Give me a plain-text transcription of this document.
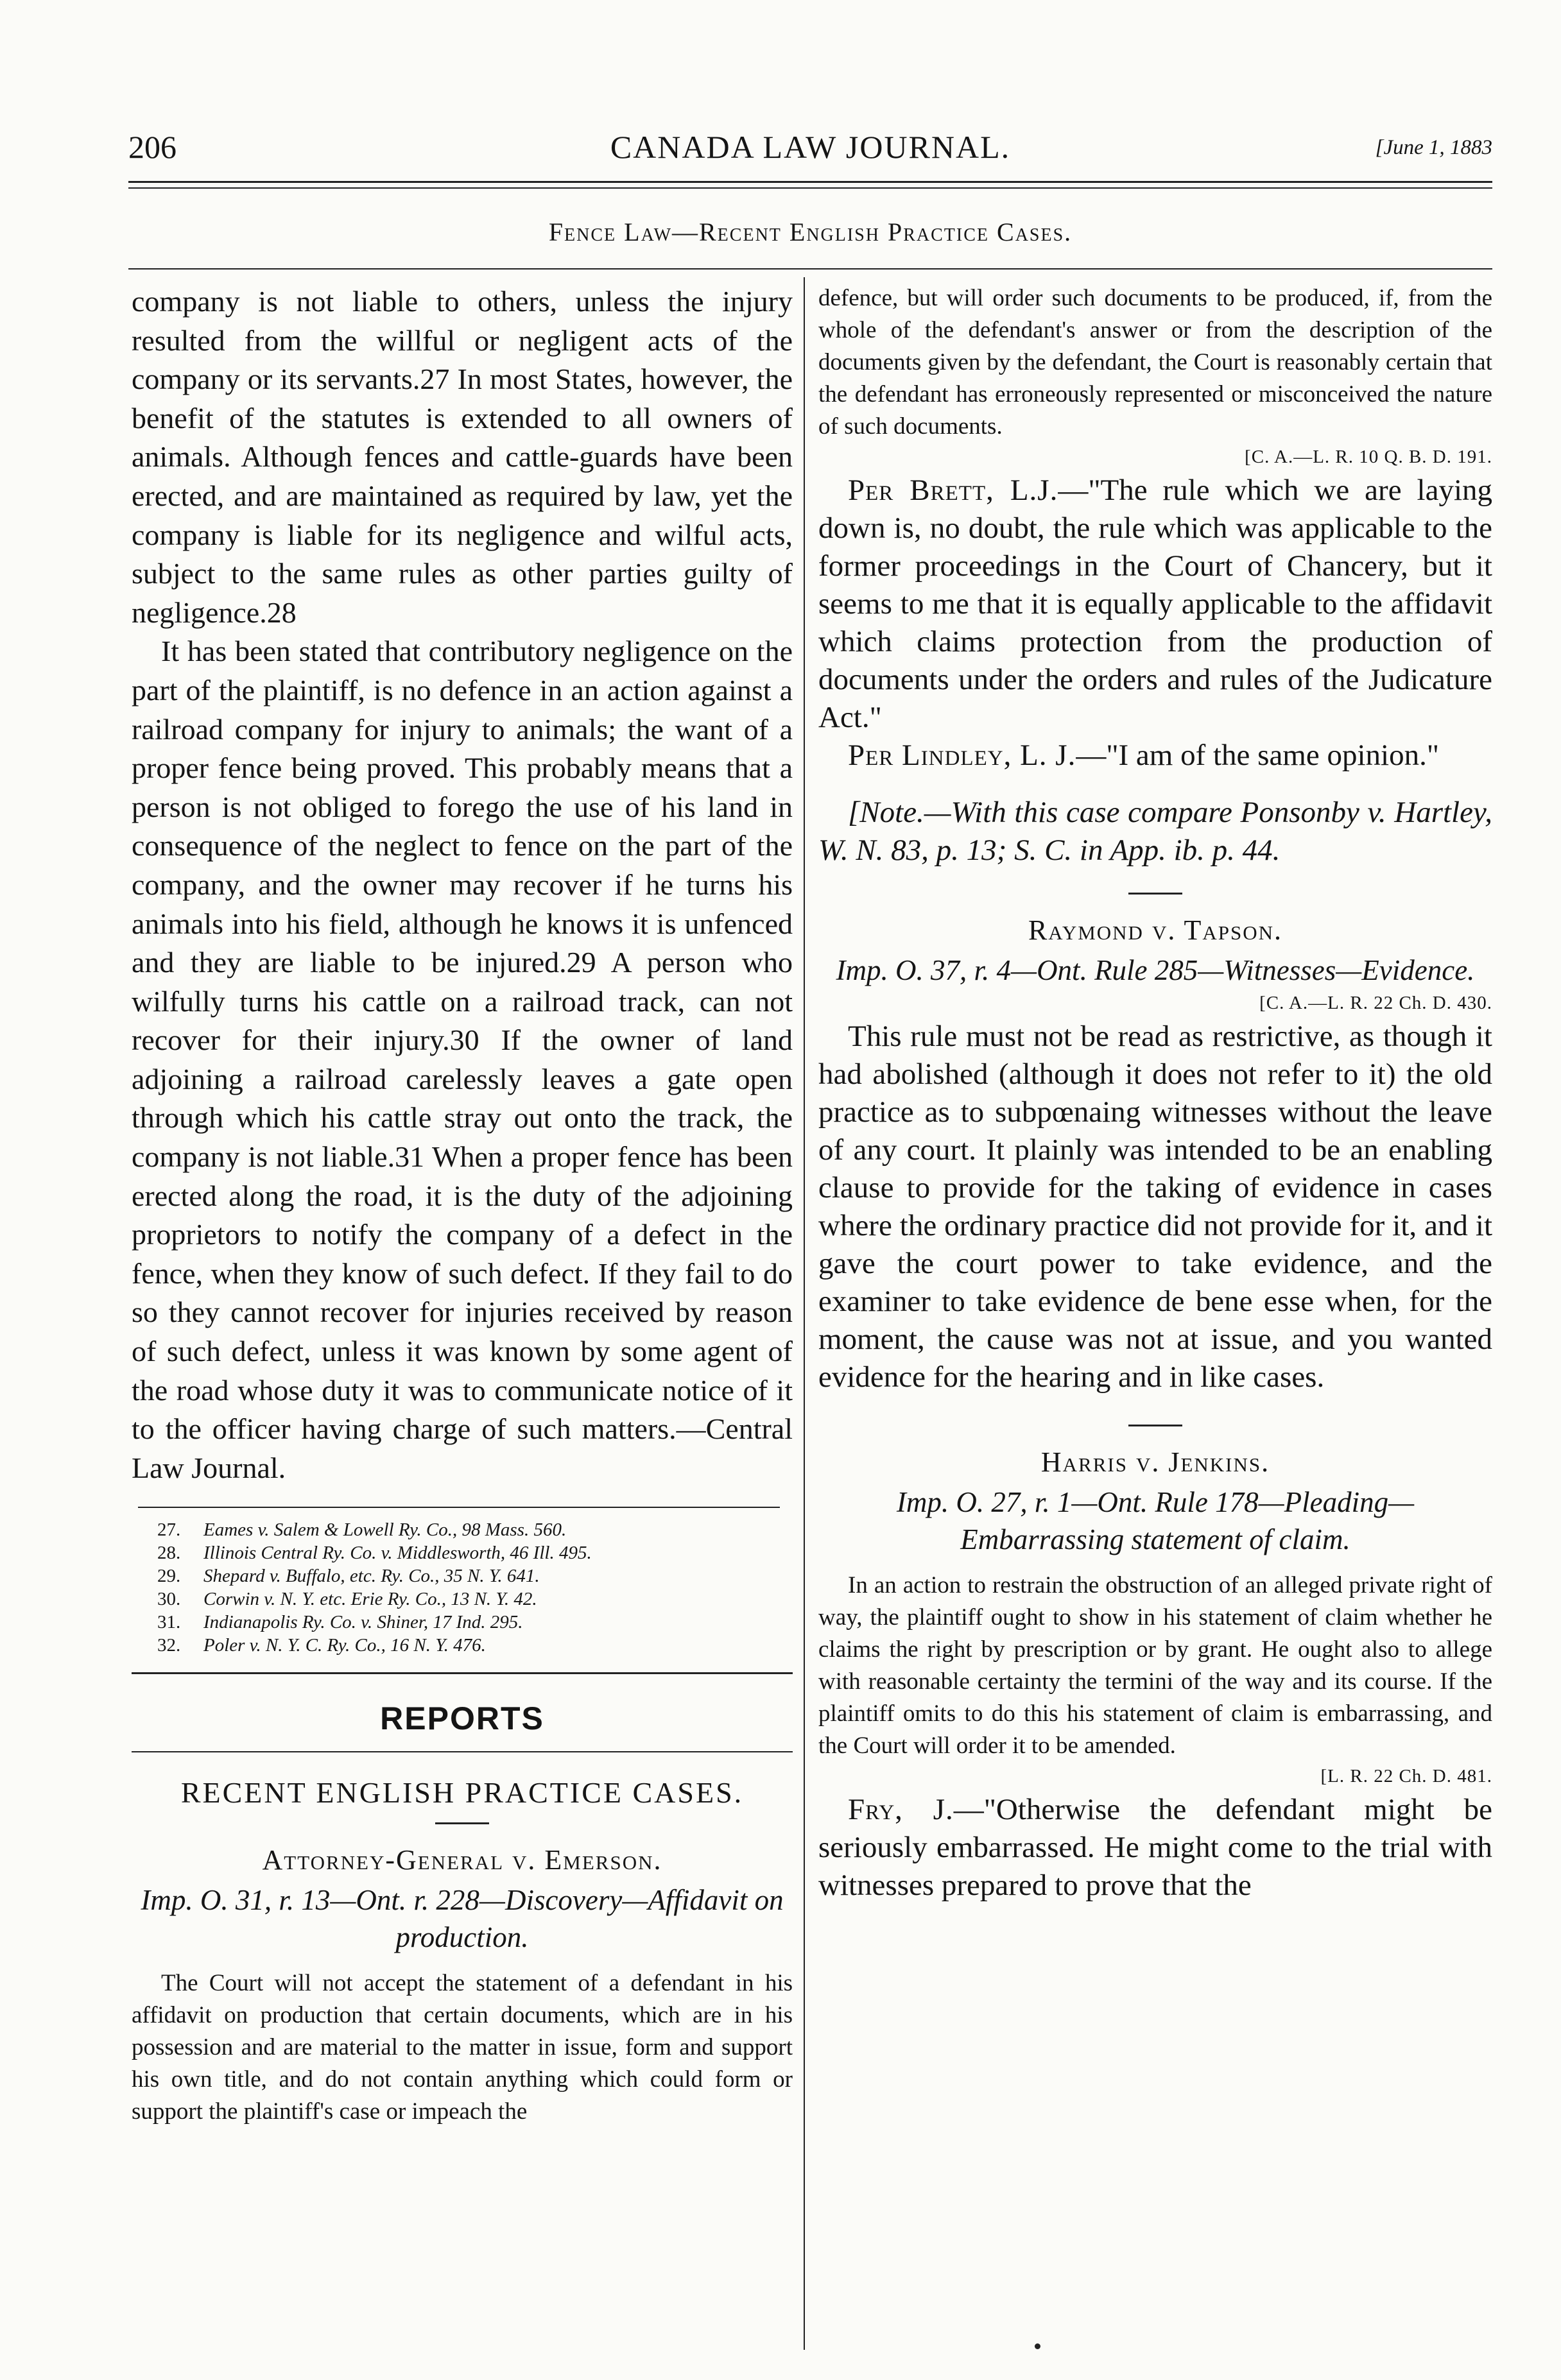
206	CANADA LAW JOURNAL.	[June 1, 1883
Fence Law—Recent English Practice Cases.

company is not liable to others, unless the injury resulted from the willful or negligent acts of the company or its servants.27 In most States, however, the benefit of the statutes is extended to all owners of animals. Although fences and cattle-guards have been erected, and are maintained as required by law, yet the company is liable for its negligence and wilful acts, subject to the same rules as other parties guilty of negligence.28

It has been stated that contributory negligence on the part of the plaintiff, is no defence in an action against a railroad company for injury to animals; the want of a proper fence being proved. This probably means that a person is not obliged to forego the use of his land in consequence of the neglect to fence on the part of the company, and the owner may recover if he turns his animals into his field, although he knows it is unfenced and they are liable to be injured.29 A person who wilfully turns his cattle on a railroad track, can not recover for their injury.30 If the owner of land adjoining a railroad carelessly leaves a gate open through which his cattle stray out onto the track, the company is not liable.31 When a proper fence has been erected along the road, it is the duty of the adjoining proprietors to notify the company of a defect in the fence, when they know of such defect. If they fail to do so they cannot recover for injuries received by reason of such defect, unless it was known by some agent of the road whose duty it was to communicate notice of it to the officer having charge of such matters.—Central Law Journal.

27.	Eames v. Salem & Lowell Ry. Co., 98 Mass. 560.
28.	Illinois Central Ry. Co. v. Middlesworth, 46 Ill. 495.
29.	Shepard v. Buffalo, etc. Ry. Co., 35 N. Y. 641.
30.	Corwin v. N. Y. etc. Erie Ry. Co., 13 N. Y. 42.
31.	Indianapolis Ry. Co. v. Shiner, 17 Ind. 295.
32.	Poler v. N. Y. C. Ry. Co., 16 N. Y. 476.
REPORTS
RECENT ENGLISH PRACTICE CASES.
Attorney-General v. Emerson.
Imp. O. 31, r. 13—Ont. r. 228—Discovery—Affidavit on production.

The Court will not accept the statement of a defendant in his affidavit on production that certain documents, which are in his possession and are material to the matter in issue, form and support his own title, and do not contain anything which could form or support the plaintiff's case or impeach the

defence, but will order such documents to be produced, if, from the whole of the defendant's answer or from the description of the documents given by the defendant, the Court is reasonably certain that the defendant has erroneously represented or misconceived the nature of such documents.

[C. A.—L. R. 10 Q. B. D. 191.

Per Brett, L.J.—"The rule which we are laying down is, no doubt, the rule which was applicable to the former proceedings in the Court of Chancery, but it seems to me that it is equally applicable to the affidavit which claims protection from the production of documents under the orders and rules of the Judicature Act."

Per Lindley, L. J.—"I am of the same opinion."

[Note.—With this case compare Ponsonby v. Hartley, W. N. 83, p. 13; S. C. in App. ib. p. 44.

Raymond v. Tapson.
Imp. O. 37, r. 4—Ont. Rule 285—Witnesses—Evidence.
[C. A.—L. R. 22 Ch. D. 430.

This rule must not be read as restrictive, as though it had abolished (although it does not refer to it) the old practice as to subpœnaing witnesses without the leave of any court. It plainly was intended to be an enabling clause to provide for the taking of evidence in cases where the ordinary practice did not provide for it, and it gave the court power to take evidence, and the examiner to take evidence de bene esse when, for the moment, the cause was not at issue, and you wanted evidence for the hearing and in like cases.

Harris v. Jenkins.
Imp. O. 27, r. 1—Ont. Rule 178—Pleading—Embarrassing statement of claim.

In an action to restrain the obstruction of an alleged private right of way, the plaintiff ought to show in his statement of claim whether he claims the right by prescription or by grant. He ought also to allege with reasonable certainty the termini of the way and its course. If the plaintiff omits to do this his statement of claim is embarrassing, and the Court will order it to be amended.

[L. R. 22 Ch. D. 481.

Fry, J.—"Otherwise the defendant might be seriously embarrassed. He might come to the trial with witnesses prepared to prove that the
